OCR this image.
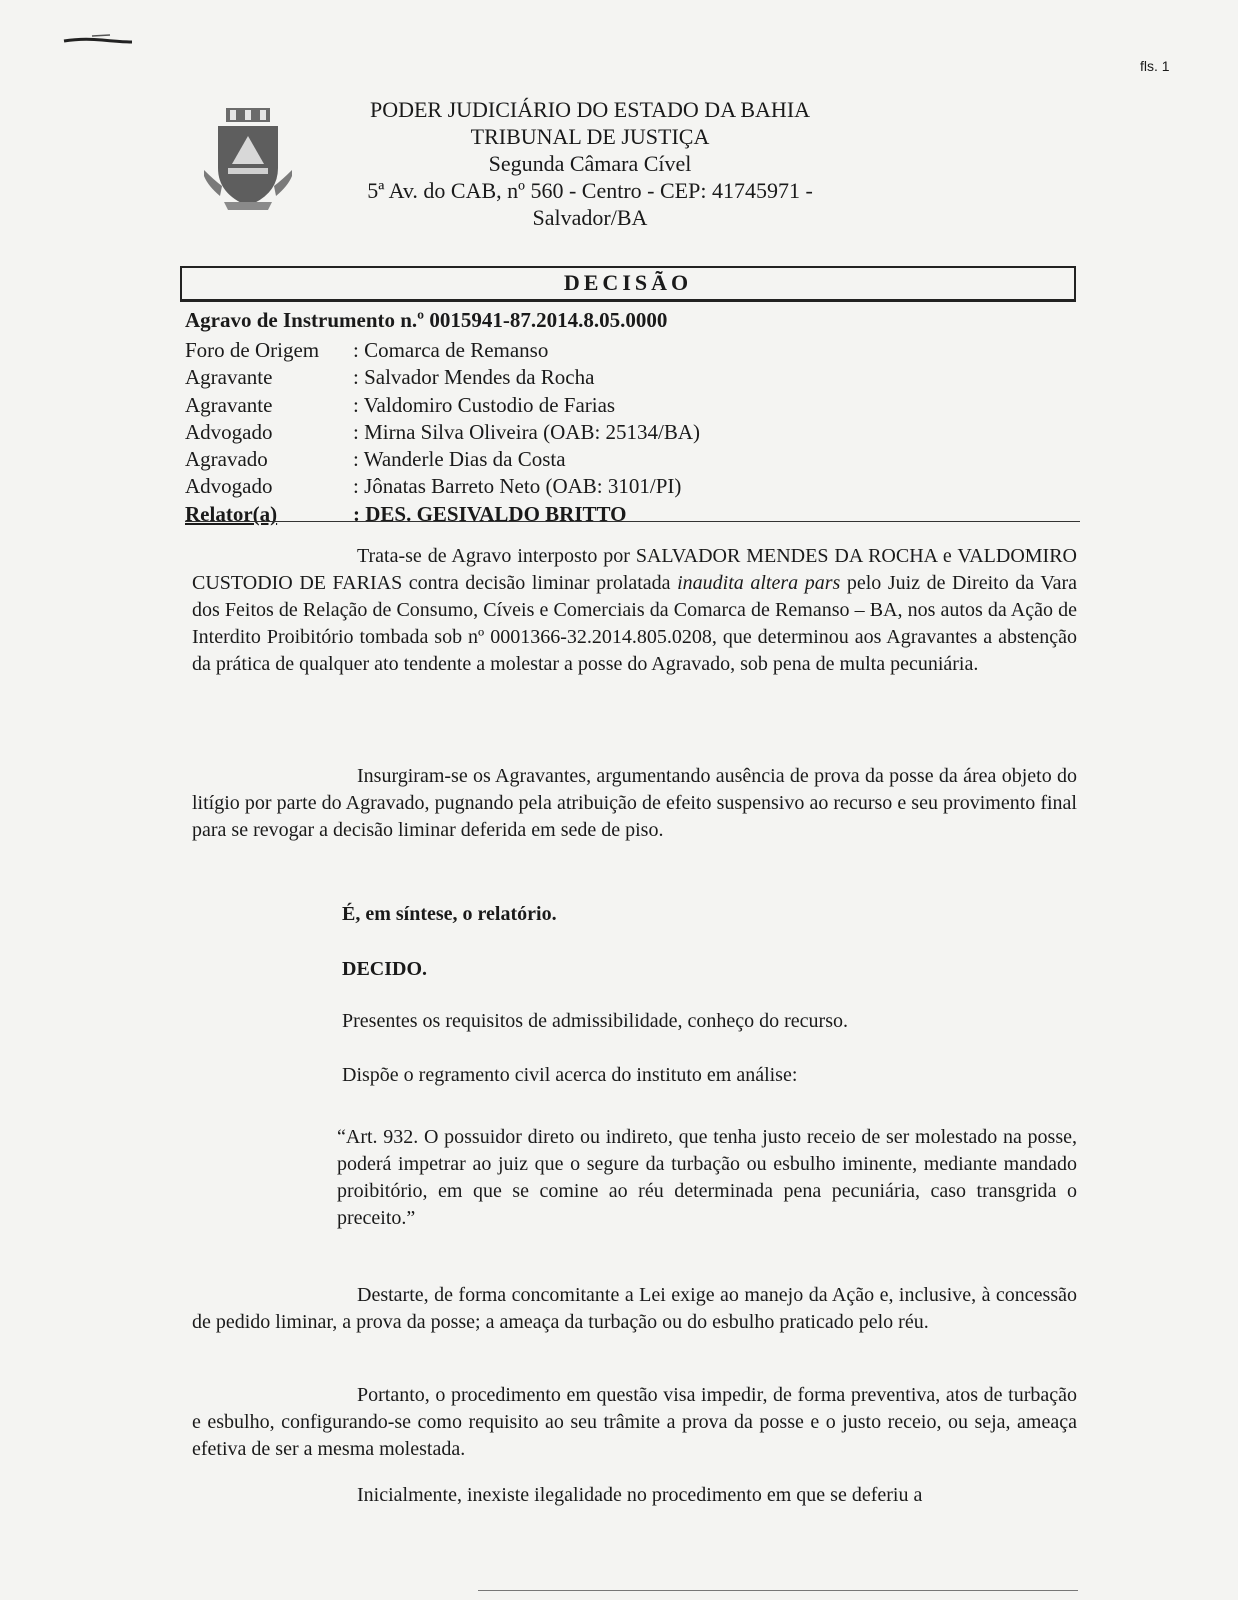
fls. 1
PODER JUDICIÁRIO DO ESTADO DA BAHIA
TRIBUNAL DE JUSTIÇA
Segunda Câmara Cível
5ª Av. do CAB, nº 560 - Centro - CEP: 41745971 -
Salvador/BA
DECISÃO
Agravo de Instrumento n.º 0015941-87.2014.8.05.0000
Foro de Origem : Comarca de Remanso
Agravante	: Salvador Mendes da Rocha
Agravante	: Valdomiro Custodio de Farias
Advogado	: Mirna Silva Oliveira (OAB: 25134/BA)
Agravado	: Wanderle Dias da Costa
Advogado	: Jônatas Barreto Neto (OAB: 3101/PI)
Relator(a)	: DES. GESIVALDO BRITTO

Trata-se de Agravo interposto por SALVADOR MENDES DA ROCHA e VALDOMIRO CUSTODIO DE FARIAS contra decisão liminar prolatada inaudita altera pars pelo Juiz de Direito da Vara dos Feitos de Relação de Consumo, Cíveis e Comerciais da Comarca de Remanso – BA, nos autos da Ação de Interdito Proibitório tombada sob nº 0001366-32.2014.805.0208, que determinou aos Agravantes a abstenção da prática de qualquer ato tendente a molestar a posse do Agravado, sob pena de multa pecuniária.

Insurgiram-se os Agravantes, argumentando ausência de prova da posse da área objeto do litígio por parte do Agravado, pugnando pela atribuição de efeito suspensivo ao recurso e seu provimento final para se revogar a decisão liminar deferida em sede de piso.

É, em síntese, o relatório.

DECIDO.

Presentes os requisitos de admissibilidade, conheço do recurso.

Dispõe o regramento civil acerca do instituto em análise:

“Art. 932. O possuidor direto ou indireto, que tenha justo receio de ser molestado na posse, poderá impetrar ao juiz que o segure da turbação ou esbulho iminente, mediante mandado proibitório, em que se comine ao réu determinada pena pecuniária, caso transgrida o preceito.”

Destarte, de forma concomitante a Lei exige ao manejo da Ação e, inclusive, à concessão de pedido liminar, a prova da posse; a ameaça da turbação ou do esbulho praticado pelo réu.

Portanto, o procedimento em questão visa impedir, de forma preventiva, atos de turbação e esbulho, configurando-se como requisito ao seu trâmite a prova da posse e o justo receio, ou seja, ameaça efetiva de ser a mesma molestada.

Inicialmente, inexiste ilegalidade no procedimento em que se deferiu a
